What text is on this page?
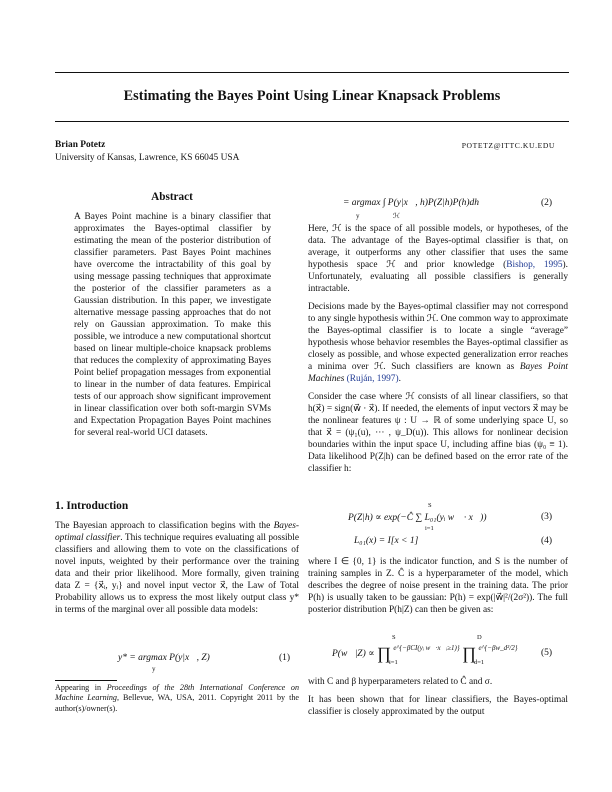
Estimating the Bayes Point Using Linear Knapsack Problems
Brian Potetz	POTETZ@ITTC.KU.EDU
University of Kansas, Lawrence, KS 66045 USA
Abstract
A Bayes Point machine is a binary classifier that approximates the Bayes-optimal classifier by estimating the mean of the posterior distribution of classifier parameters. Past Bayes Point machines have overcome the intractability of this goal by using message passing techniques that approximate the posterior of the classifier parameters as a Gaussian distribution. In this paper, we investigate alternative message passing approaches that do not rely on Gaussian approximation. To make this possible, we introduce a new computational shortcut based on linear multiple-choice knapsack problems that reduces the complexity of approximating Bayes Point belief propagation messages from exponential to linear in the number of data features. Empirical tests of our approach show significant improvement in linear classification over both soft-margin SVMs and Expectation Propagation Bayes Point machines for several real-world UCI datasets.
1. Introduction
The Bayesian approach to classification begins with the Bayes-optimal classifier. This technique requires evaluating all possible classifiers and allowing them to vote on the classifications of novel inputs, weighted by their performance over the training data and their prior likelihood. More formally, given training data Z = {x⃗ᵢ, yᵢ} and novel input vector x⃗, the Law of Total Probability allows us to express the most likely output class y* in terms of the marginal over all possible data models:
y* = argmax P(y|x⃗, Z)
y
(1)
Appearing in Proceedings of the 28th International Conference on Machine Learning, Bellevue, WA, USA, 2011. Copyright 2011 by the author(s)/owner(s).
= argmax ∫ P(y|x⃗, h)P(Z|h)P(h)dh
y	ℋ
(2)

Here, ℋ is the space of all possible models, or hypotheses, of the data. The advantage of the Bayes-optimal classifier is that, on average, it outperforms any other classifier that uses the same hypothesis space ℋ and prior knowledge (Bishop, 1995). Unfortunately, evaluating all possible classifiers is generally intractable.

Decisions made by the Bayes-optimal classifier may not correspond to any single hypothesis within ℋ. One common way to approximate the Bayes-optimal classifier is to locate a single “average” hypothesis whose behavior resembles the Bayes-optimal classifier as closely as possible, and whose expected generalization error reaches a minima over ℋ. Such classifiers are known as Bayes Point Machines (Ruján, 1997).

Consider the case where ℋ consists of all linear classifiers, so that h(x⃗) = sign(w⃗ · x⃗). If needed, the elements of input vectors x⃗ may be the nonlinear features ψ : U → ℝ of some underlying space U, so that x⃗ = (ψ₁(u), ··· , ψ_D(u)). This allows for nonlinear decision boundaries within the input space U, including affine bias (ψ₀ ≡ 1). Data likelihood P(Z|h) can be defined based on the error rate of the classifier h:

P(Z|h) ∝ exp(−Ĉ ∑ L₀₁(yᵢ w⃗ · x⃗))
S
i=1
(3)
L₀₁(x) = I[x < 1]	(4)
where I ∈ {0, 1} is the indicator function, and S is the number of training samples in Z. Ĉ is a hyperparameter of the model, which describes the degree of noise present in the training data. The prior P(h) is usually taken to be gaussian: P(h) = exp(|w⃗|²/(2σ²)). The full posterior distribution P(h|Z) can then be given as:
P(w⃗|Z) ∝ ∏ $^{e\^{}\{-\beta CI(yᵢ w⃗\cdot x⃗ᵢ\ge 1)\}}$ ∏ $^{e\^{}\{-\beta w\_d^2/2\}}$
S
i=1
D
d=1
(5)

with C and β hyperparameters related to Ĉ and σ.

It has been shown that for linear classifiers, the Bayes-optimal classifier is closely approximated by the output
